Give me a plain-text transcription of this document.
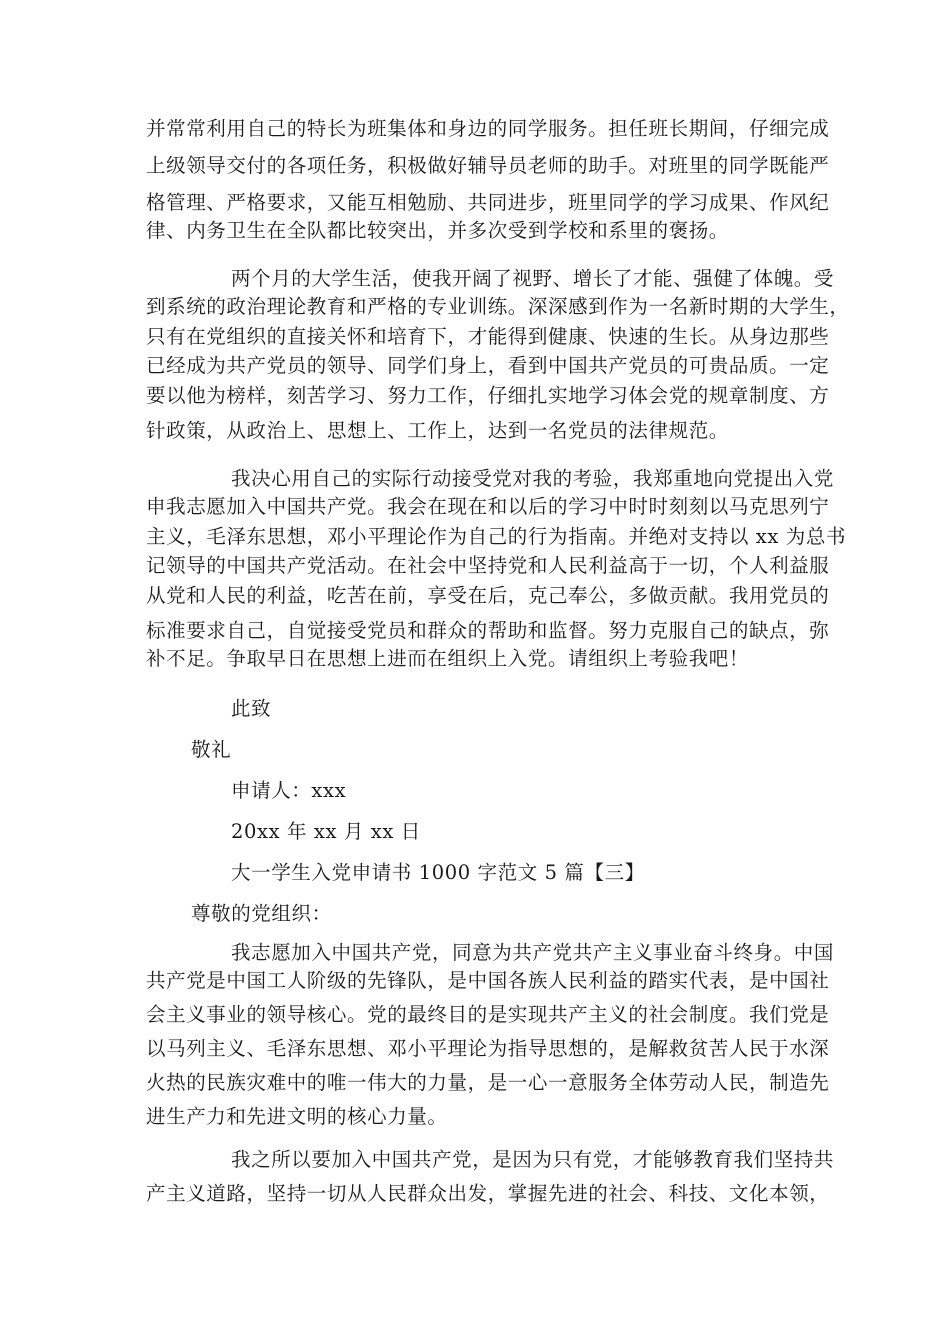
并常常利用自己的特长为班集体和身边的同学服务。担任班长期间，仔细完成
上级领导交付的各项任务，积极做好辅导员老师的助手。对班里的同学既能严
格管理、严格要求，又能互相勉励、共同进步，班里同学的学习成果、作风纪
律、内务卫生在全队都比较突出，并多次受到学校和系里的褒扬。
两个月的大学生活，使我开阔了视野、增长了才能、强健了体魄。受
到系统的政治理论教育和严格的专业训练。深深感到作为一名新时期的大学生，
只有在党组织的直接关怀和培育下，才能得到健康、快速的生长。从身边那些
已经成为共产党员的领导、同学们身上，看到中国共产党员的可贵品质。一定
要以他为榜样，刻苦学习、努力工作，仔细扎实地学习体会党的规章制度、方
针政策，从政治上、思想上、工作上，达到一名党员的法律规范。
我决心用自己的实际行动接受党对我的考验，我郑重地向党提出入党
申我志愿加入中国共产党。我会在现在和以后的学习中时时刻刻以马克思列宁
主义，毛泽东思想，邓小平理论作为自己的行为指南。并绝对支持以 xx 为总书
记领导的中国共产党活动。在社会中坚持党和人民利益高于一切，个人利益服
从党和人民的利益，吃苦在前，享受在后，克己奉公，多做贡献。我用党员的
标准要求自己，自觉接受党员和群众的帮助和监督。努力克服自己的缺点，弥
补不足。争取早日在思想上进而在组织上入党。请组织上考验我吧！
此致
敬礼
申请人：xxx
20xx 年 xx 月 xx 日
大一学生入党申请书 1000 字范文 5 篇【三】
尊敬的党组织：
我志愿加入中国共产党，同意为共产党共产主义事业奋斗终身。中国
共产党是中国工人阶级的先锋队，是中国各族人民利益的踏实代表，是中国社
会主义事业的领导核心。党的最终目的是实现共产主义的社会制度。我们党是
以马列主义、毛泽东思想、邓小平理论为指导思想的，是解救贫苦人民于水深
火热的民族灾难中的唯一伟大的力量，是一心一意服务全体劳动人民，制造先
进生产力和先进文明的核心力量。
我之所以要加入中国共产党，是因为只有党，才能够教育我们坚持共
产主义道路，坚持一切从人民群众出发，掌握先进的社会、科技、文化本领，
